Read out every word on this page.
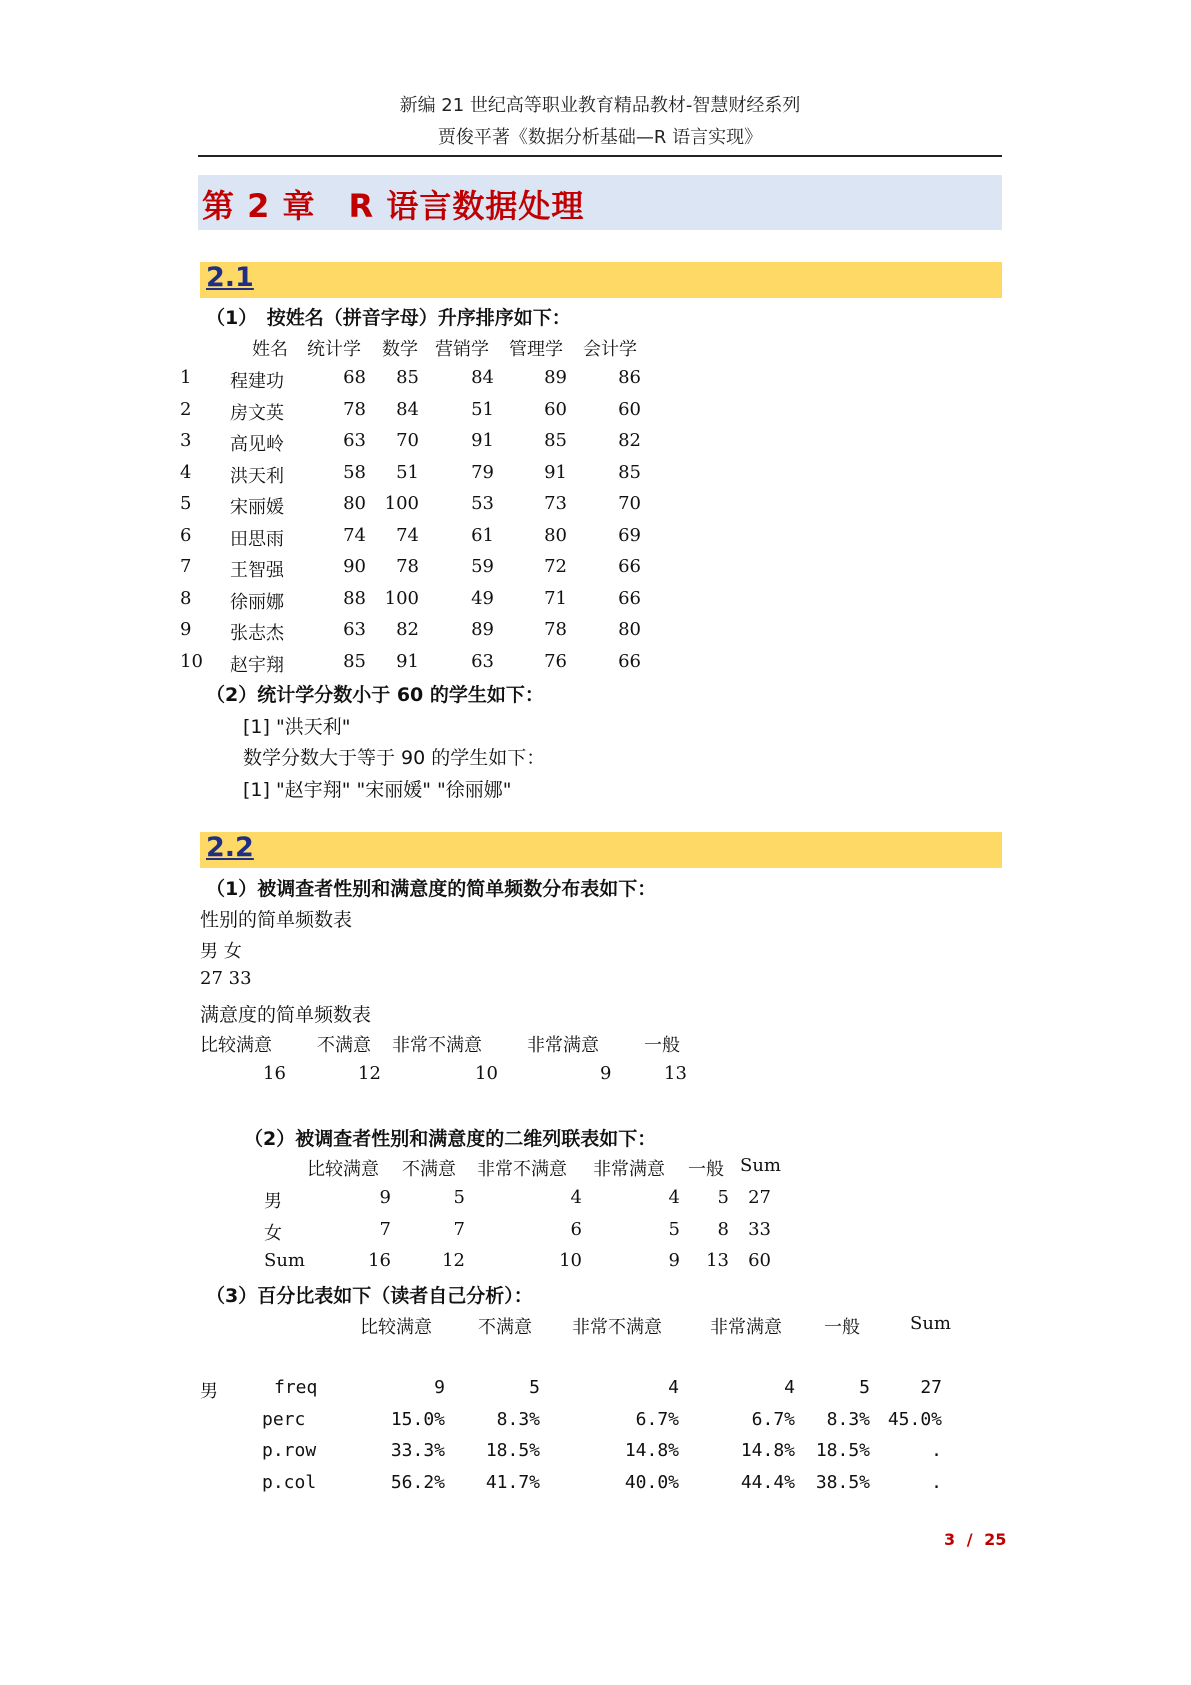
新编 21 世纪高等职业教育精品教材-智慧财经系列
贾俊平著《数据分析基础—R 语言实现》
第 2 章　R 语言数据处理
2.1
（1）　按姓名（拼音字母）升序排序如下：
姓名 统计学 数学 营销学 管理学 会计学
1	程建功	68	85	84	89	86
2	房文英	78	84	51	60	60
3	高见岭	63	70	91	85	82
4	洪天利	58	51	79	91	85
5	宋丽媛	80	100	53	73	70
6	田思雨	74	74	61	80	69
7	王智强	90	78	59	72	66
8	徐丽娜	88	100	49	71	66
9	张志杰	63	82	89	78	80
10	赵宇翔	85	91	63	76	66
（2）统计学分数小于 60 的学生如下：
[1] "洪天利"
数学分数大于等于 90 的学生如下：
[1] "赵宇翔" "宋丽媛" "徐丽娜"
2.2
（1）被调查者性别和满意度的简单频数分布表如下：
性别的简单频数表
男 女
27 33
满意度的简单频数表
比较满意	不满意 非常不满意	非常满意	一般
16	12	10	9	13
（2）被调查者性别和满意度的二维列联表如下：
比较满意 不满意 非常不满意 非常满意 一般 Sum
男	9	5	4	4	5	27
女	7	7	6	5	8	33
Sum	16	12	10	9	13	60
（3）百分比表如下（读者自己分析）：
比较满意	不满意 非常不满意	非常满意 一般	Sum
男	freq	9	5	4	4	5	27
perc	15.0%	8.3%	6.7%	6.7%	8.3% 45.0%
p.row	33.3%	18.5%	14.8%	14.8%	18.5%	.
p.col	56.2%	41.7%	40.0%	44.4%	38.5%	.
3 / 25
